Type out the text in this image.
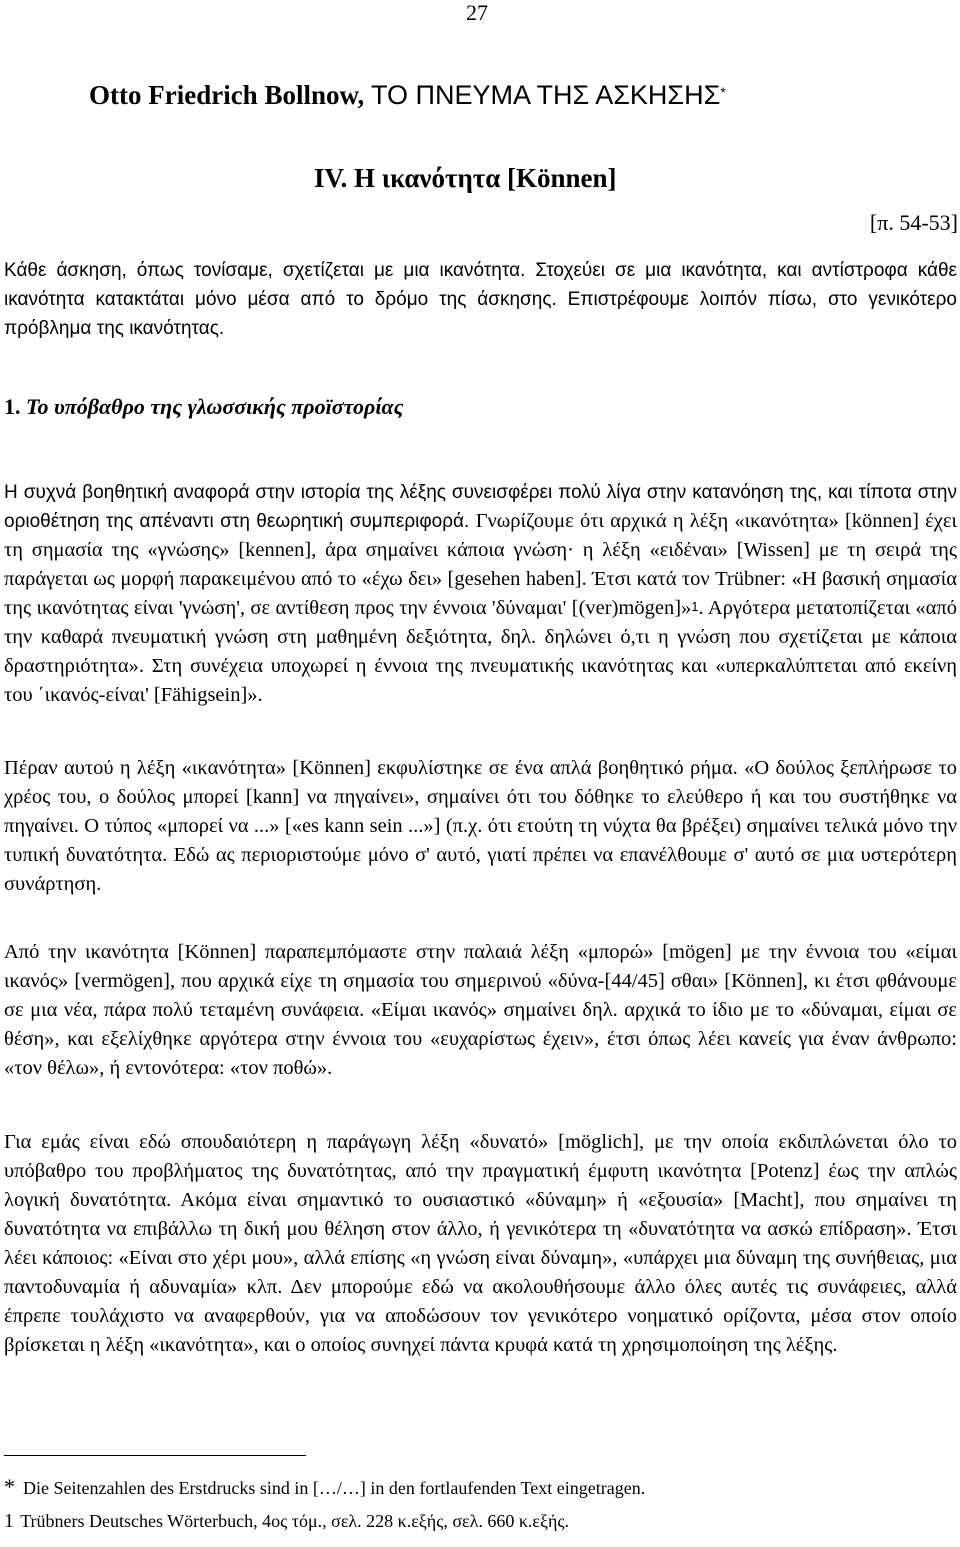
27
Otto Friedrich Bollnow, ΤΟ ΠΝΕΥΜΑ ΤΗΣ ΑΣΚΗΣΗΣ*
IV. Η ικανότητα [Können]
[π. 54-53]
Κάθε άσκηση, όπως τονίσαμε, σχετίζεται με μια ικανότητα. Στοχεύει σε μια ικανότητα, και αντίστροφα κάθε ικανότητα κατακτάται μόνο μέσα από το δρόμο της άσκησης. Επιστρέφουμε λοιπόν πίσω, στο γενικότερο πρόβλημα της ικανότητας.
1. Το υπόβαθρο της γλωσσικής προϊστορίας
Η συχνά βοηθητική αναφορά στην ιστορία της λέξης συνεισφέρει πολύ λίγα στην κατανόηση της, και τίποτα στην οριοθέτηση της απέναντι στη θεωρητική συμπεριφορά. Γνωρίζουμε ότι αρχικά η λέξη «ικανότητα» [können] έχει τη σημασία της «γνώσης» [kennen], άρα σημαίνει κάποια γνώση· η λέξη «ειδέναι» [Wissen] με τη σειρά της παράγεται ως μορφή παρακειμένου από το «έχω δει» [gesehen haben]. Έτσι κατά τον Trübner: «Η βασική σημασία της ικανότητας είναι 'γνώση', σε αντίθεση προς την έννοια 'δύναμαι' [(ver)mögen]»$^1$. Αργότερα μετατοπίζεται «από την καθαρά πνευματική γνώση στη μαθημένη δεξιότητα, δηλ. δηλώνει ό,τι η γνώση που σχετίζεται με κάποια δραστηριότητα». Στη συνέχεια υποχωρεί η έννοια της πνευματικής ικανότητας και «υπερκαλύπτεται από εκείνη του ΄ικανός-είναι' [Fähigsein]».
Πέραν αυτού η λέξη «ικανότητα» [Können] εκφυλίστηκε σε ένα απλά βοηθητικό ρήμα. «Ο δούλος ξεπλήρωσε το χρέος του, ο δούλος μπορεί [kann] να πηγαίνει», σημαίνει ότι του δόθηκε το ελεύθερο ή και του συστήθηκε να πηγαίνει. Ο τύπος «μπορεί να ...» [«es kann sein ...»] (π.χ. ότι ετούτη τη νύχτα θα βρέξει) σημαίνει τελικά μόνο την τυπική δυνατότητα. Εδώ ας περιοριστούμε μόνο σ' αυτό, γιατί πρέπει να επανέλθουμε σ' αυτό σε μια υστερότερη συνάρτηση.
Από την ικανότητα [Können] παραπεμπόμαστε στην παλαιά λέξη «μπορώ» [mögen] με την έννοια του «είμαι ικανός» [vermögen], που αρχικά είχε τη σημασία του σημερινού «δύνα-[44/45] σθαι» [Können], κι έτσι φθάνουμε σε μια νέα, πάρα πολύ τεταμένη συνάφεια. «Είμαι ικανός» σημαίνει δηλ. αρχικά το ίδιο με το «δύναμαι, είμαι σε θέση», και εξελίχθηκε αργότερα στην έννοια του «ευχαρίστως έχειν», έτσι όπως λέει κανείς για έναν άνθρωπο: «τον θέλω», ή εντονότερα: «τον ποθώ».
Για εμάς είναι εδώ σπουδαιότερη η παράγωγη λέξη «δυνατό» [möglich], με την οποία εκδιπλώνεται όλο το υπόβαθρο του προβλήματος της δυνατότητας, από την πραγματική έμφυτη ικανότητα [Potenz] έως την απλώς λογική δυνατότητα. Ακόμα είναι σημαντικό το ουσιαστικό «δύναμη» ή «εξουσία» [Macht], που σημαίνει τη δυνατότητα να επιβάλλω τη δική μου θέληση στον άλλο, ή γενικότερα τη «δυνατότητα να ασκώ επίδραση». Έτσι λέει κάποιος: «Είναι στο χέρι μου», αλλά επίσης «η γνώση είναι δύναμη», «υπάρχει μια δύναμη της συνήθειας, μια παντοδυναμία ή αδυναμία» κλπ. Δεν μπορούμε εδώ να ακολουθήσουμε άλλο όλες αυτές τις συνάφειες, αλλά έπρεπε τουλάχιστο να αναφερθούν, για να αποδώσουν τον γενικότερο νοηματικό ορίζοντα, μέσα στον οποίο βρίσκεται η λέξη «ικανότητα», και ο οποίος συνηχεί πάντα κρυφά κατά τη χρησιμοποίηση της λέξης.
* Die Seitenzahlen des Erstdrucks sind in […/…] in den fortlaufenden Text eingetragen.
1 Trübners Deutsches Wörterbuch, 4ος τόμ., σελ. 228 κ.εξής, σελ. 660 κ.εξής.
